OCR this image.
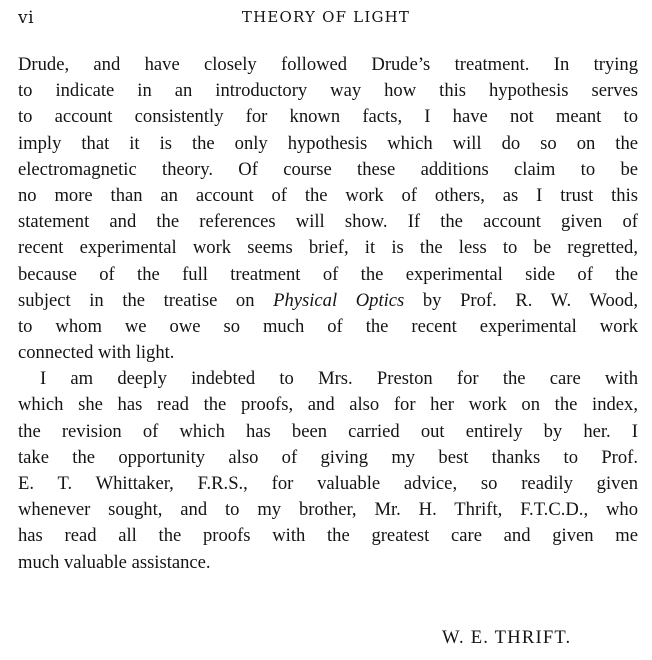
vi	THEORY OF LIGHT
Drude, and have closely followed Drude’s treatment. In trying
to indicate in an introductory way how this hypothesis serves
to account consistently for known facts, I have not meant to
imply that it is the only hypothesis which will do so on the
electromagnetic theory. Of course these additions claim to be
no more than an account of the work of others, as I trust this
statement and the references will show. If the account given of
recent experimental work seems brief, it is the less to be regretted,
because of the full treatment of the experimental side of the
subject in the treatise on Physical Optics by Prof. R. W. Wood,
to whom we owe so much of the recent experimental work
connected with light.
I am deeply indebted to Mrs. Preston for the care with
which she has read the proofs, and also for her work on the index,
the revision of which has been carried out entirely by her. I
take the opportunity also of giving my best thanks to Prof.
E. T. Whittaker, F.R.S., for valuable advice, so readily given
whenever sought, and to my brother, Mr. H. Thrift, F.T.C.D., who
has read all the proofs with the greatest care and given me
much valuable assistance.
W. E. THRIFT.
